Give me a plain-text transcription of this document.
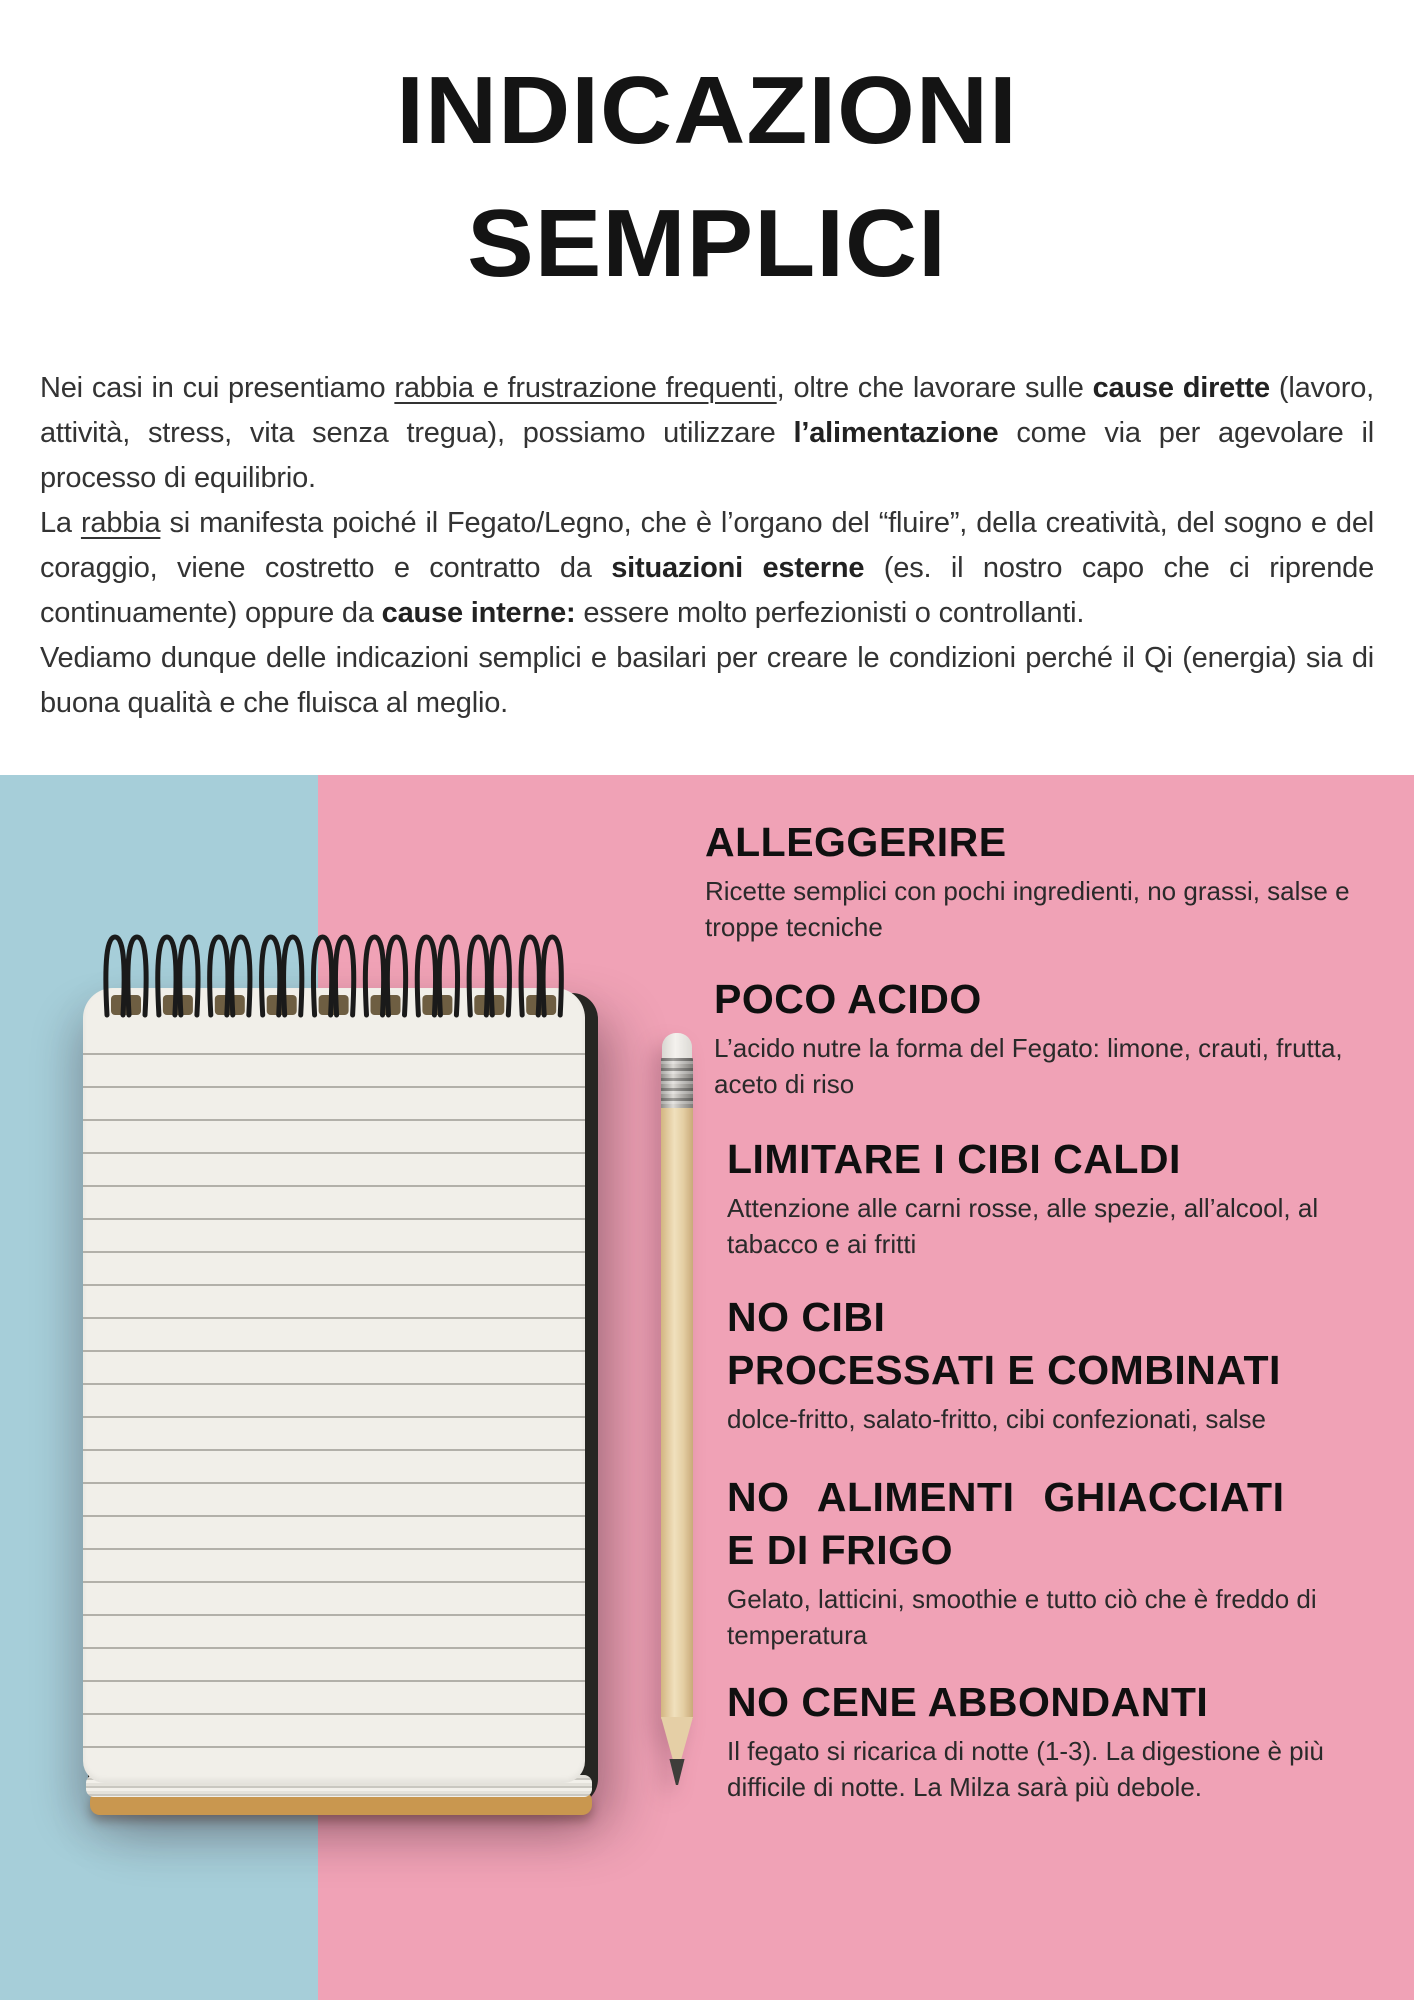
INDICAZIONI
SEMPLICI

Nei casi in cui presentiamo rabbia e frustrazione frequenti, oltre che lavorare sulle cause dirette (lavoro, attività, stress, vita senza tregua), possiamo utilizzare l’alimentazione come via per agevolare il processo di equilibrio.

La rabbia si manifesta poiché il Fegato/Legno, che è l’organo del “fluire”, della creatività, del sogno e del coraggio, viene costretto e contratto da situazioni esterne (es. il nostro capo che ci riprende continuamente) oppure da cause interne: essere molto perfezionisti o controllanti.

Vediamo dunque delle indicazioni semplici e basilari per creare le condizioni perché il Qi (energia) sia di buona qualità e che fluisca al meglio.

ALLEGGERIRE

Ricette semplici con pochi ingredienti, no grassi, salse e
troppe tecniche

POCO ACIDO

L’acido nutre la forma del Fegato: limone, crauti, frutta,
aceto di riso

LIMITARE I CIBI CALDI

Attenzione alle carni rosse, alle spezie, all’alcool, al
tabacco e ai fritti

NO CIBI
PROCESSATI E COMBINATI

dolce-fritto, salato-fritto, cibi confezionati, salse

NO ALIMENTI GHIACCIATI
E DI FRIGO

Gelato, latticini, smoothie e tutto ciò che è freddo di
temperatura

NO CENE ABBONDANTI

Il fegato si ricarica di notte (1-3). La digestione è più
difficile di notte. La Milza sarà più debole.
